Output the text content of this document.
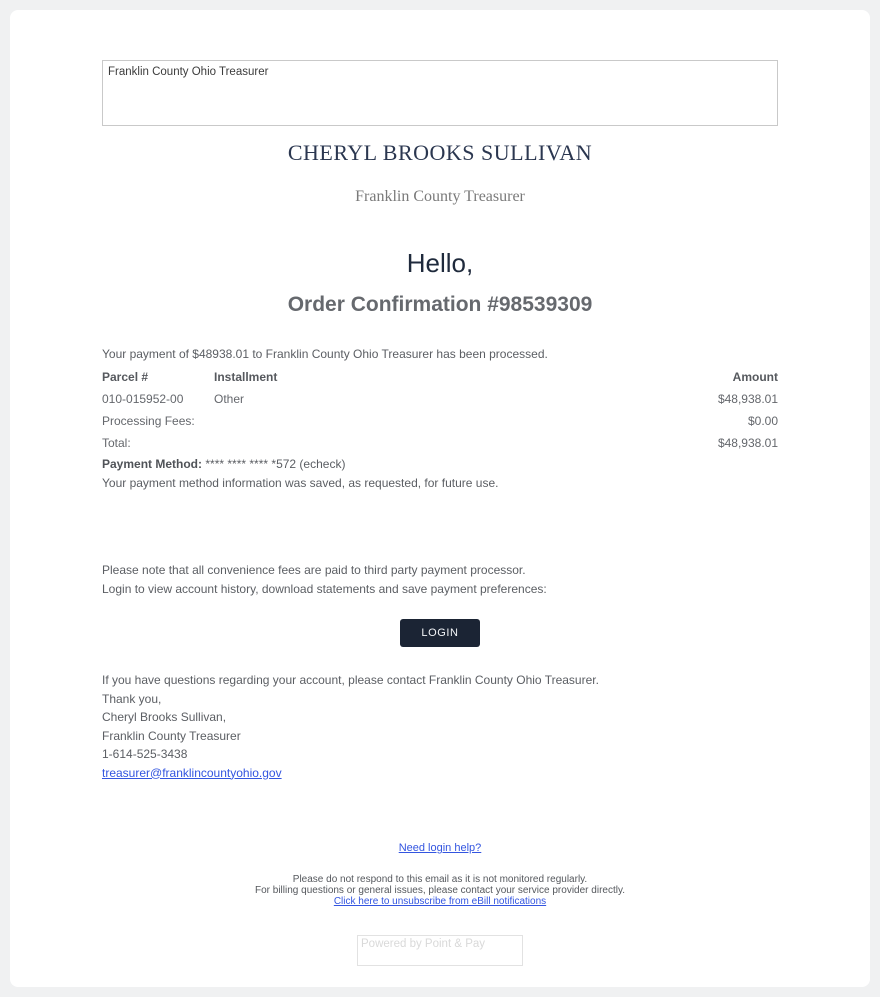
Franklin County Ohio Treasurer
CHERYL BROOKS SULLIVAN
Franklin County Treasurer
Hello,
Order Confirmation #98539309

Your payment of $48938.01 to Franklin County Ohio Treasurer has been processed.

Parcel #	Installment	Amount
010-015952-00	Other	$48,938.01
Processing Fees:	$0.00
Total:	$48,938.01

Payment Method: **** **** **** *572 (echeck)

Your payment method information was saved, as requested, for future use.

Please note that all convenience fees are paid to third party payment processor.

Login to view account history, download statements and save payment preferences:

LOGIN

If you have questions regarding your account, please contact Franklin County Ohio Treasurer.

Thank you,

Cheryl Brooks Sullivan,

Franklin County Treasurer

1-614-525-3438

treasurer@franklincountyohio.gov

Need login help?

Please do not respond to this email as it is not monitored regularly.

For billing questions or general issues, please contact your service provider directly.

Click here to unsubscribe from eBill notifications

Powered by Point & Pay
